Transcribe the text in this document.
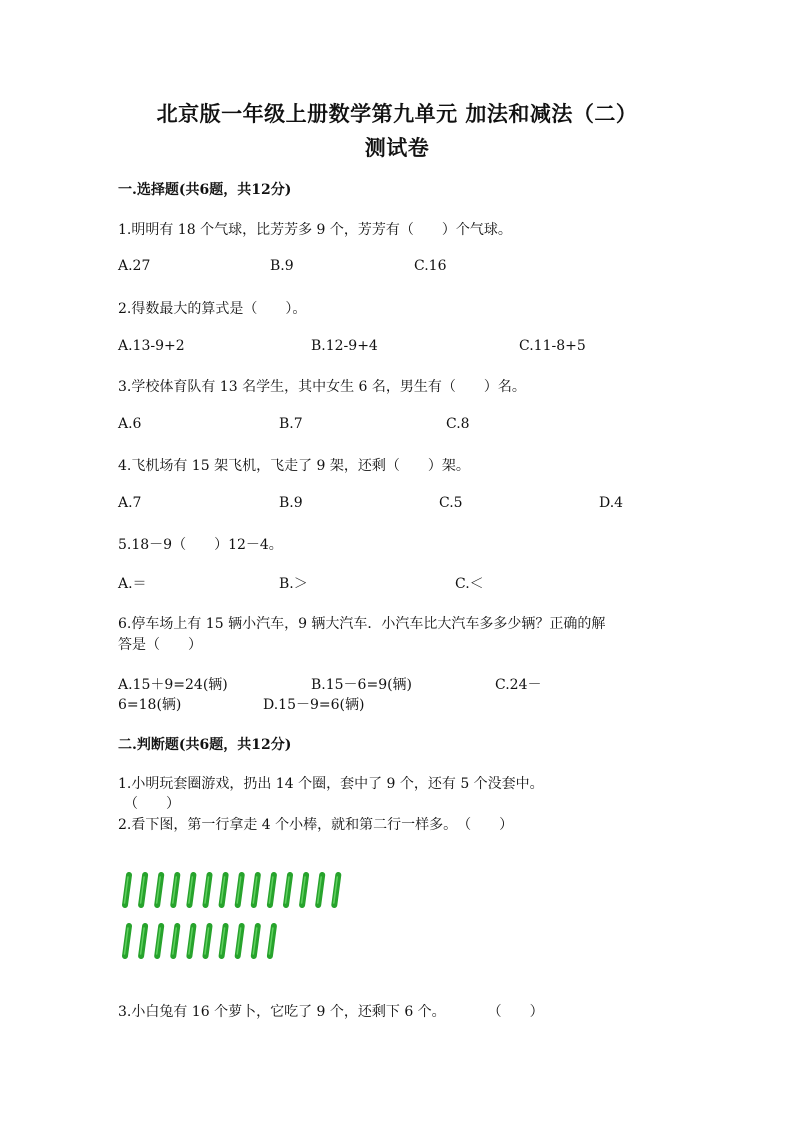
北京版一年级上册数学第九单元 加法和减法（二）
测试卷
一.选择题(共6题，共12分)
1.明明有 18 个气球，比芳芳多 9 个，芳芳有（　　）个气球。
A.27	B.9	C.16
2.得数最大的算式是（　　）。
A.13-9+2	B.12-9+4	C.11-8+5
3.学校体育队有 13 名学生，其中女生 6 名，男生有（　　）名。
A.6	B.7	C.8
4.飞机场有 15 架飞机，飞走了 9 架，还剩（　　）架。
A.7	B.9	C.5	D.4
5.18－9（　　）12－4。
A.＝	B.＞	C.＜
6.停车场上有 15 辆小汽车，9 辆大汽车．小汽车比大汽车多多少辆？正确的解
答是（　　）
A.15＋9=24(辆)	B.15－6=9(辆)	C.24－
6=18(辆)	D.15－9=6(辆)
二.判断题(共6题，共12分)
1.小明玩套圈游戏，扔出 14 个圈，套中了 9 个，还有 5 个没套中。
（　　）
2.看下图，第一行拿走 4 个小棒，就和第二行一样多。　（　　）
3.小白兔有 16 个萝卜，它吃了 9 个，还剩下 6 个。　　　　（　　）
